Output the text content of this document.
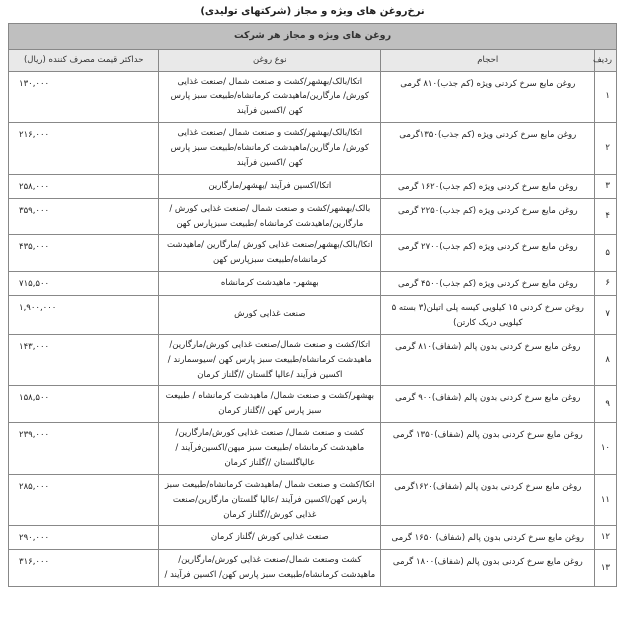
نرخ‌روغن های ویژه و مجاز (شرکتهای تولیدی)
روغن های ویژه و مجاز هر شرکت			
ردیف	احجام	نوع روغن	حداکثر قیمت مصرف کننده (ریال)
۱	روغن مایع سرخ کردنی ویژه (کم جذب)۸۱۰ گرمی	اتکا/بالک/بهشهر/کشت و صنعت شمال /صنعت غذایی کورش/ مارگارین/ماهیدشت کرمانشاه/طبیعت سبز پارس کهن /اکسین فرآیند	۱۳۰,۰۰۰
۲	روغن مایع سرخ کردنی ویژه (کم جذب)۱۳۵۰گرمی	اتکا/بالک/بهشهر/کشت و صنعت شمال /صنعت غذایی کورش/ مارگارین/ماهیدشت کرمانشاه/طبیعت سبز پارس کهن /اکسین فرآیند	۲۱۶,۰۰۰
۳	روغن مایع سرخ کردنی ویژه (کم جذب)۱۶۲۰ گرمی	اتکا/اکسین فرآیند /بهشهر/مارگارین	۲۵۸,۰۰۰
۴	روغن مایع سرخ کردنی ویژه (کم جذب)۲۲۵۰ گرمی	بالک/بهشهر/کشت و صنعت شمال /صنعت غذایی کورش / مارگارین/ماهیدشت کرمانشاه /طبیعت سبزپارس کهن	۳۵۹,۰۰۰
۵	روغن مایع سرخ کردنی ویژه (کم جذب)۲۷۰۰ گرمی	اتکا/بالک/بهشهر/صنعت غذایی کورش /مارگارین /ماهیدشت کرمانشاه/طبیعت سبزپارس کهن	۴۳۵,۰۰۰
۶	روغن مایع سرخ کردنی ویژه (کم جذب)۴۵۰۰ گرمی	بهشهر- ماهیدشت کرمانشاه	۷۱۵,۵۰۰
۷	روغن سرخ کردنی ۱۵ کیلویی کیسه پلی اتیلن(۳ بسته ۵ کیلویی دریک کارتن)	صنعت غذایی کورش	۱,۹۰۰,۰۰۰
۸	روغن مایع سرخ کردنی بدون پالم (شفاف)۸۱۰ گرمی	اتکا/کشت و صنعت شمال/صنعت غذایی کورش/مارگارین/ ماهیدشت کرمانشاه/طبیعت سبز پارس کهن /سیوسمارند / اکسین فرآیند /عالیا گلستان //گلناز کرمان	۱۴۳,۰۰۰
۹	روغن مایع سرخ کردنی بدون پالم (شفاف)۹۰۰ گرمی	بهشهر/کشت و صنعت شمال/ ماهیدشت کرمانشاه / طبیعت سبز پارس کهن //گلناز کرمان	۱۵۸,۵۰۰
۱۰	روغن مایع سرخ کردنی بدون پالم (شفاف)۱۳۵۰ گرمی	کشت و صنعت شمال/ صنعت غذایی کورش/مارگارین/ ماهیدشت کرمانشاه /طبیعت سبز میهن/اکسین‌فرآیند / عالیاگلستان //گلناز کرمان	۲۳۹,۰۰۰
۱۱	روغن مایع سرخ کردنی بدون پالم (شفاف)۱۶۲۰گرمی	اتکا/کشت و صنعت شمال /ماهیدشت کرمانشاه/طبیعت سبز پارس کهن/اکسین فرآیند /عالیا گلستان مارگارین/صنعت غذایی کورش//گلناز کرمان	۲۸۵,۰۰۰
۱۲	روغن مایع سرخ کردنی بدون پالم (شفاف) ۱۶۵۰ گرمی	صنعت غذایی کورش /گلناز کرمان	۲۹۰,۰۰۰
۱۳	روغن مایع سرخ کردنی بدون پالم (شفاف)۱۸۰۰ گرمی	کشت وصنعت شمال/صنعت غذایی کورش/مارگارین/ ماهیدشت کرمانشاه/طبیعت سبز پارس کهن/ اکسین فرآیند /	۳۱۶,۰۰۰
